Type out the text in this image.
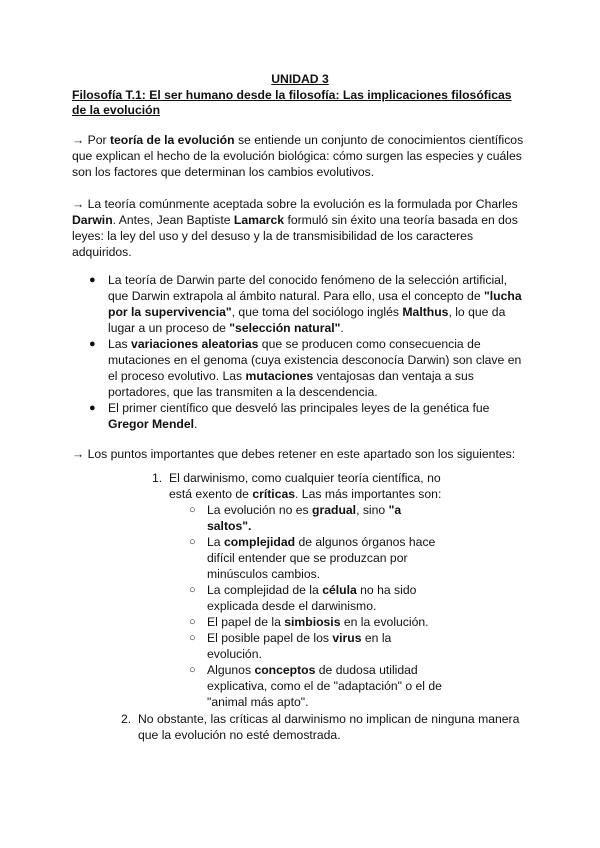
UNIDAD 3

Filosofía T.1: El ser humano desde la filosofía: Las implicaciones filosóficas de la evolución

→ Por teoría de la evolución se entiende un conjunto de conocimientos científicos que explican el hecho de la evolución biológica: cómo surgen las especies y cuáles son los factores que determinan los cambios evolutivos.

→ La teoría comúnmente aceptada sobre la evolución es la formulada por Charles Darwin. Antes, Jean Baptiste Lamarck formuló sin éxito una teoría basada en dos leyes: la ley del uso y del desuso y la de transmisibilidad de los caracteres adquiridos.

● La teoría de Darwin parte del conocido fenómeno de la selección artificial, que Darwin extrapola al ámbito natural. Para ello, usa el concepto de "lucha por la supervivencia", que toma del sociólogo inglés Malthus, lo que da lugar a un proceso de "selección natural".
● Las variaciones aleatorias que se producen como consecuencia de mutaciones en el genoma (cuya existencia desconocía Darwin) son clave en el proceso evolutivo. Las mutaciones ventajosas dan ventaja a sus portadores, que las transmiten a la descendencia.
● El primer científico que desveló las principales leyes de la genética fue Gregor Mendel.

→ Los puntos importantes que debes retener en este apartado son los siguientes:

1. El darwinismo, como cualquier teoría científica, no está exento de críticas. Las más importantes son:
○ La evolución no es gradual, sino "a saltos".
○ La complejidad de algunos órganos hace difícil entender que se produzcan por minúsculos cambios.
○ La complejidad de la célula no ha sido explicada desde el darwinismo.
○ El papel de la simbiosis en la evolución.
○ El posible papel de los virus en la evolución.
○ Algunos conceptos de dudosa utilidad explicativa, como el de "adaptación" o el de "animal más apto".
2. No obstante, las críticas al darwinismo no implican de ninguna manera que la evolución no esté demostrada.
